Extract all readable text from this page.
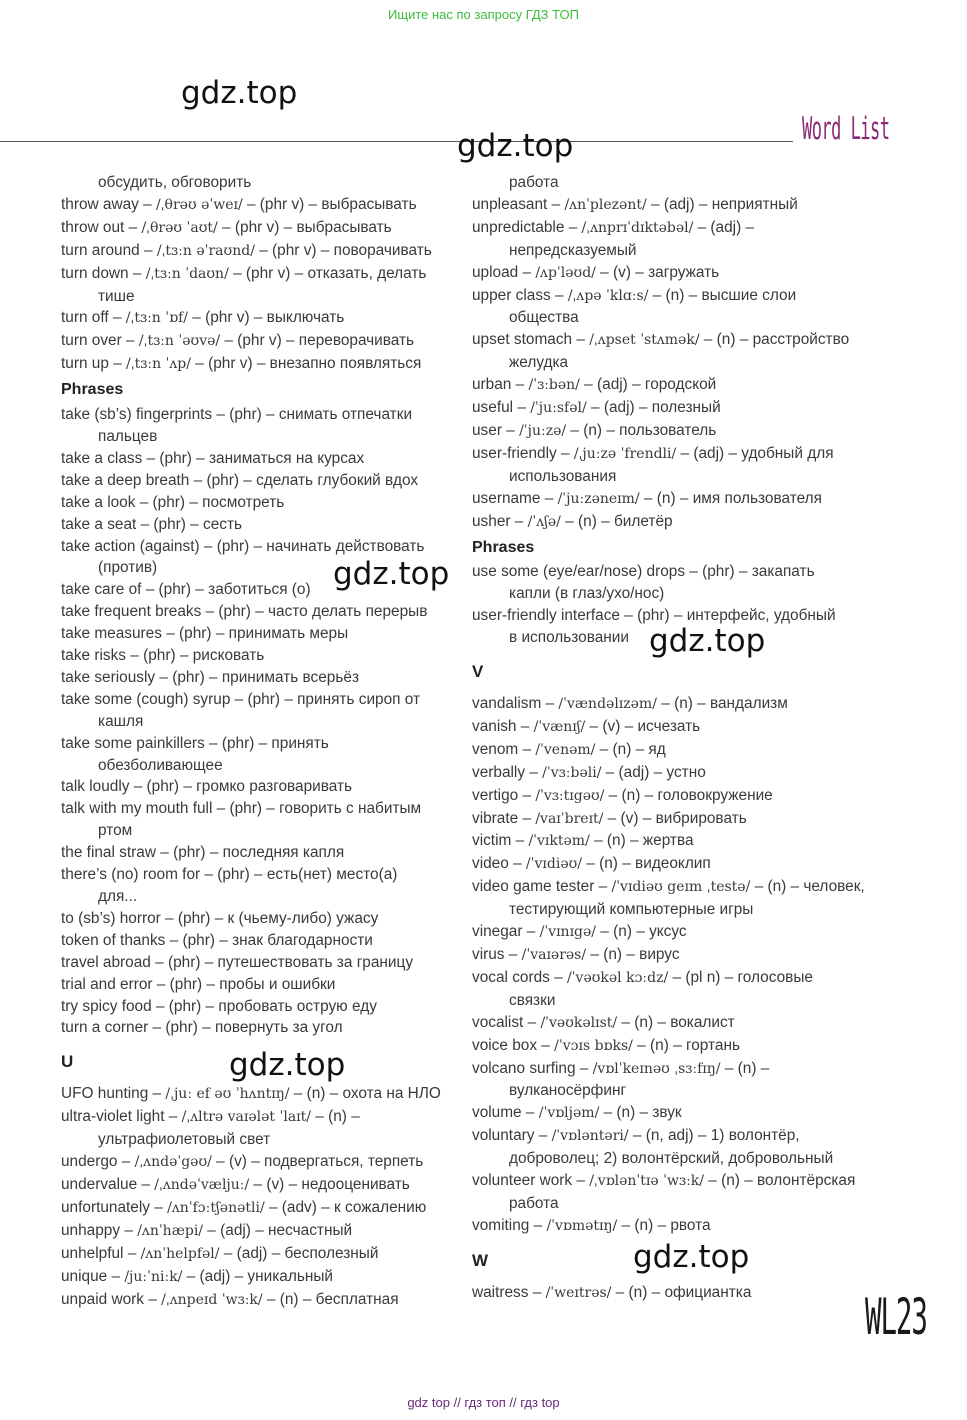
Ищите нас по запросу ГДЗ ТОП
gdz.top
gdz.top	Word List
обсудить, обговорить
throw away – /ˌθrəʊ əˈweɪ/ – (phr v) – выбрасывать
throw out – /ˌθrəʊ ˈaʊt/ – (phr v) – выбрасывать
turn around – /ˌtɜːn əˈraʊnd/ – (phr v) – поворачивать
turn down – /ˌtɜːn ˈdaʊn/ – (phr v) – отказать, делать
тише
turn off – /ˌtɜːn ˈɒf/ – (phr v) – выключать
turn over – /ˌtɜːn ˈəʊvə/ – (phr v) – переворачивать
turn up – /ˌtɜːn ˈʌp/ – (phr v) – внезапно появляться
Phrases
take (sb’s) fingerprints – (phr) – снимать отпечатки
пальцев
take a class – (phr) – заниматься на курсах
take a deep breath – (phr) – сделать глубокий вдох
take a look – (phr) – посмотреть
take a seat – (phr) – сесть
take action (against) – (phr) – начинать действовать
(против)
take care of – (phr) – заботиться (о)
take frequent breaks – (phr) – часто делать перерыв
take measures – (phr) – принимать меры
take risks – (phr) – рисковать
take seriously – (phr) – принимать всерьёз
take some (cough) syrup – (phr) – принять сироп от
кашля
take some painkillers – (phr) – принять
обезболивающее
talk loudly – (phr) – громко разговаривать
talk with my mouth full – (phr) – говорить с набитым
ртом
the final straw – (phr) – последняя капля
there’s (no) room for – (phr) – есть(нет) место(а)
для...
to (sb’s) horror – (phr) – к (чьему-либо) ужасу
token of thanks – (phr) – знак благодарности
travel abroad – (phr) – путешествовать за границу
trial and error – (phr) – пробы и ошибки
try spicy food – (phr) – пробовать острую еду
turn a corner – (phr) – повернуть за угол
U
UFO hunting – /ˌjuː ef əʊ ˈhʌntɪŋ/ – (n) – охота на НЛО
ultra-violet light – /ˌʌltrə vaɪələt ˈlaɪt/ – (n) –
ультрафиолетовый свет
undergo – /ˌʌndəˈgəʊ/ – (v) – подвергаться, терпеть
undervalue – /ˌʌndəˈvæljuː/ – (v) – недооценивать
unfortunately – /ʌnˈfɔːtʃənətli/ – (adv) – к сожалению
unhappy – /ʌnˈhæpi/ – (adj) – несчастный
unhelpful – /ʌnˈhelpfəl/ – (adj) – бесполезный
unique – /juːˈniːk/ – (adj) – уникальный
unpaid work – /ˌʌnpeɪd ˈwɜːk/ – (n) – бесплатная
работа
unpleasant – /ʌnˈplezənt/ – (adj) – неприятный
unpredictable – /ˌʌnprɪˈdɪktəbəl/ – (adj) –
непредсказуемый
upload – /ʌpˈləʊd/ – (v) – загружать
upper class – /ˌʌpə ˈklɑːs/ – (n) – высшие слои
общества
upset stomach – /ˌʌpset ˈstʌmək/ – (n) – расстройство
желудка
urban – /ˈɜːbən/ – (adj) – городской
useful – /ˈjuːsfəl/ – (adj) – полезный
user – /ˈjuːzə/ – (n) – пользователь
user-friendly – /ˌjuːzə ˈfrendli/ – (adj) – удобный для
использования
username – /ˈjuːzəneɪm/ – (n) – имя пользователя
usher – /ˈʌʃə/ – (n) – билетёр
Phrases
use some (eye/ear/nose) drops – (phr) – закапать
капли (в глаз/ухо/нос)
user-friendly interface – (phr) – интерфейс, удобный
в использовании
V
vandalism – /ˈvændəlɪzəm/ – (n) – вандализм
vanish – /ˈvænɪʃ/ – (v) – исчезать
venom – /ˈvenəm/ – (n) – яд
verbally – /ˈvɜːbəli/ – (adj) – устно
vertigo – /ˈvɜːtɪgəʊ/ – (n) – головокружение
vibrate – /vaɪˈbreɪt/ – (v) – вибрировать
victim – /ˈvɪktəm/ – (n) – жертва
video – /ˈvɪdiəʊ/ – (n) – видеоклип
video game tester – /ˈvɪdiəʊ geɪm ˌtestə/ – (n) – человек,
тестирующий компьютерные игры
vinegar – /ˈvɪnɪgə/ – (n) – уксус
virus – /ˈvaɪərəs/ – (n) – вирус
vocal cords – /ˈvəʊkəl kɔːdz/ – (pl n) – голосовые
связки
vocalist – /ˈvəʊkəlɪst/ – (n) – вокалист
voice box – /ˈvɔɪs bɒks/ – (n) – гортань
volcano surfing – /vɒlˈkeɪnəʊ ˌsɜːfɪŋ/ – (n) –
вулканосёрфинг
volume – /ˈvɒljəm/ – (n) – звук
voluntary – /ˈvɒləntəri/ – (n, adj) – 1) волонтёр,
доброволец; 2) волонтёрский, добровольный
volunteer work – /ˌvɒlənˈtɪə ˈwɜːk/ – (n) – волонтёрская
работа
vomiting – /ˈvɒmətɪŋ/ – (n) – рвота
W
waitress – /ˈweɪtrəs/ – (n) – официантка
gdz.top
gdz.top
gdz.top
gdz.top
WL23
gdz top // гдз топ // гдз top
